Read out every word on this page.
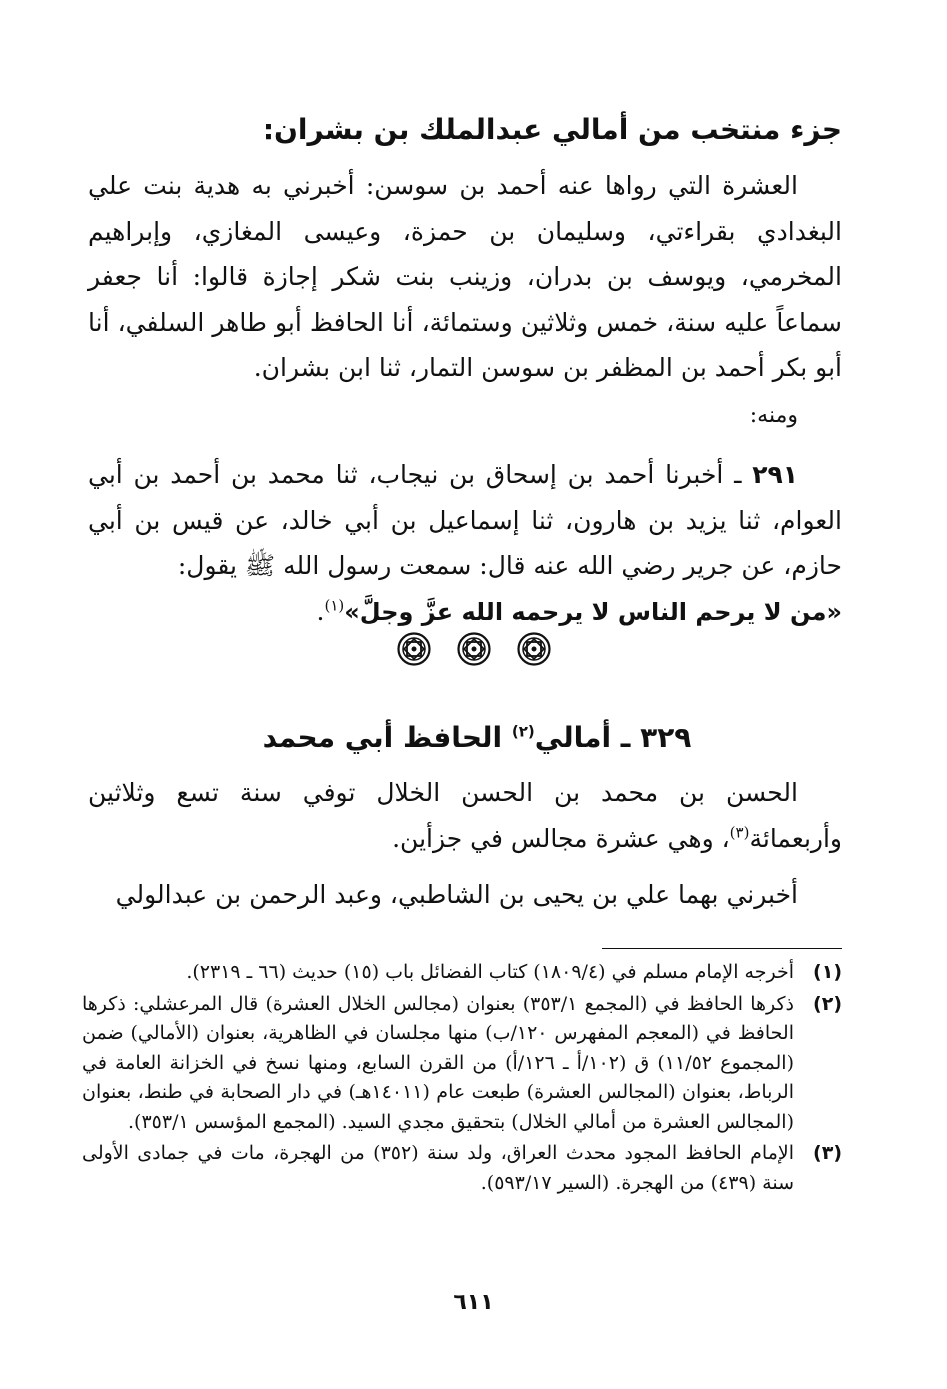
جزء منتخب من أمالي عبدالملك بن بشران:

العشرة التي رواها عنه أحمد بن سوسن: أخبرني به هدية بنت علي البغدادي بقراءتي، وسليمان بن حمزة، وعيسى المغازي، وإبراهيم المخرمي، ويوسف بن بدران، وزينب بنت شكر إجازة قالوا: أنا جعفر سماعاً عليه سنة، خمس وثلاثين وستمائة، أنا الحافظ أبو طاهر السلفي، أنا أبو بكر أحمد بن المظفر بن سوسن التمار، ثنا ابن بشران.

ومنه:

٢٩١ ـ أخبرنا أحمد بن إسحاق بن نيجاب، ثنا محمد بن أحمد بن أبي العوام، ثنا يزيد بن هارون، ثنا إسماعيل بن أبي خالد، عن قيس بن أبي حازم، عن جرير رضي الله عنه قال: سمعت رسول الله ﷺ يقول:
«من لا يرحم الناس لا يرحمه الله عزَّ وجلَّ»$^{(١)}$.

٣٢٩ ـ أمالي$^{(٢)}$ الحافظ أبي محمد

الحسن بن محمد بن الحسن الخلال توفي سنة تسع وثلاثين وأربعمائة$^{(٣)}$، وهي عشرة مجالس في جزأين.

أخبرني بهما علي بن يحيى بن الشاطبي، وعبد الرحمن بن عبدالولي

(١)
أخرجه الإمام مسلم في (١٨٠٩/٤) كتاب الفضائل باب (١٥) حديث (٦٦ ـ ٢٣١٩).
(٢)
ذكرها الحافظ في (المجمع ٣٥٣/١) بعنوان (مجالس الخلال العشرة) قال المرعشلي: ذكرها الحافظ في (المعجم المفهرس ١٢٠/ب) منها مجلسان في الظاهرية، بعنوان (الأمالي) ضمن (المجموع ١١/٥٢) ق (١٠٢/أ ـ ١٢٦/أ) من القرن السابع، ومنها نسخ في الخزانة العامة في الرباط، بعنوان (المجالس العشرة) طبعت عام (١٤٠١١هـ) في دار الصحابة في طنط، بعنوان (المجالس العشرة من أمالي الخلال) بتحقيق مجدي السيد. (المجمع المؤسس ٣٥٣/١).
(٣)
الإمام الحافظ المجود محدث العراق، ولد سنة (٣٥٢) من الهجرة، مات في جمادى الأولى سنة (٤٣٩) من الهجرة. (السير ٥٩٣/١٧).

٦١١
